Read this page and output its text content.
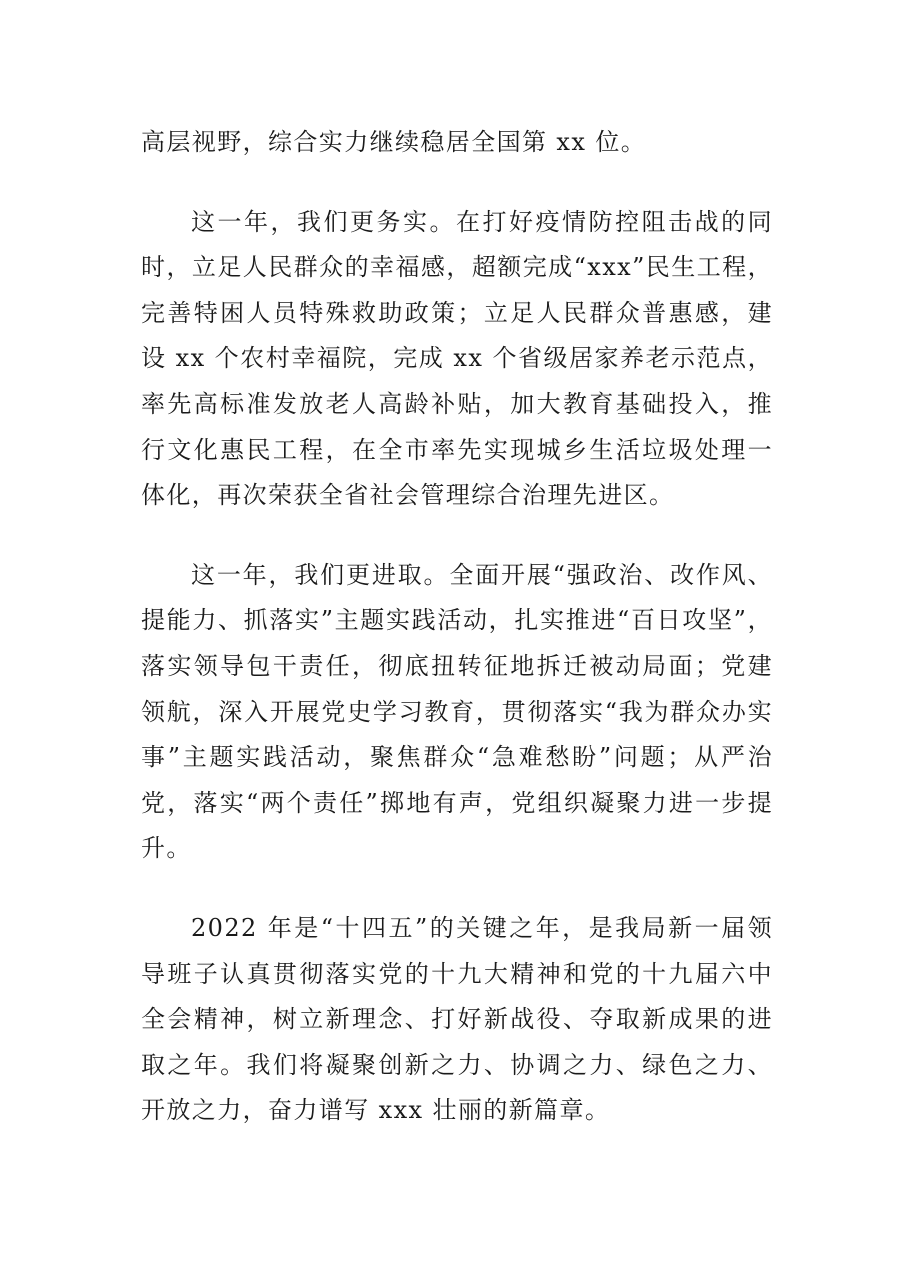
高层视野，综合实力继续稳居全国第 xx 位。

这一年，我们更务实。在打好疫情防控阻击战的同时，立足人民群众的幸福感，超额完成“xxx”民生工程，完善特困人员特殊救助政策；立足人民群众普惠感，建设 xx 个农村幸福院，完成 xx 个省级居家养老示范点，率先高标准发放老人高龄补贴，加大教育基础投入，推行文化惠民工程，在全市率先实现城乡生活垃圾处理一体化，再次荣获全省社会管理综合治理先进区。

这一年，我们更进取。全面开展“强政治、改作风、提能力、抓落实”主题实践活动，扎实推进“百日攻坚”，落实领导包干责任，彻底扭转征地拆迁被动局面；党建领航，深入开展党史学习教育，贯彻落实“我为群众办实事”主题实践活动，聚焦群众“急难愁盼”问题；从严治党，落实“两个责任”掷地有声，党组织凝聚力进一步提升。

2022 年是“十四五”的关键之年，是我局新一届领导班子认真贯彻落实党的十九大精神和党的十九届六中全会精神，树立新理念、打好新战役、夺取新成果的进取之年。我们将凝聚创新之力、协调之力、绿色之力、开放之力，奋力谱写 xxx 壮丽的新篇章。
